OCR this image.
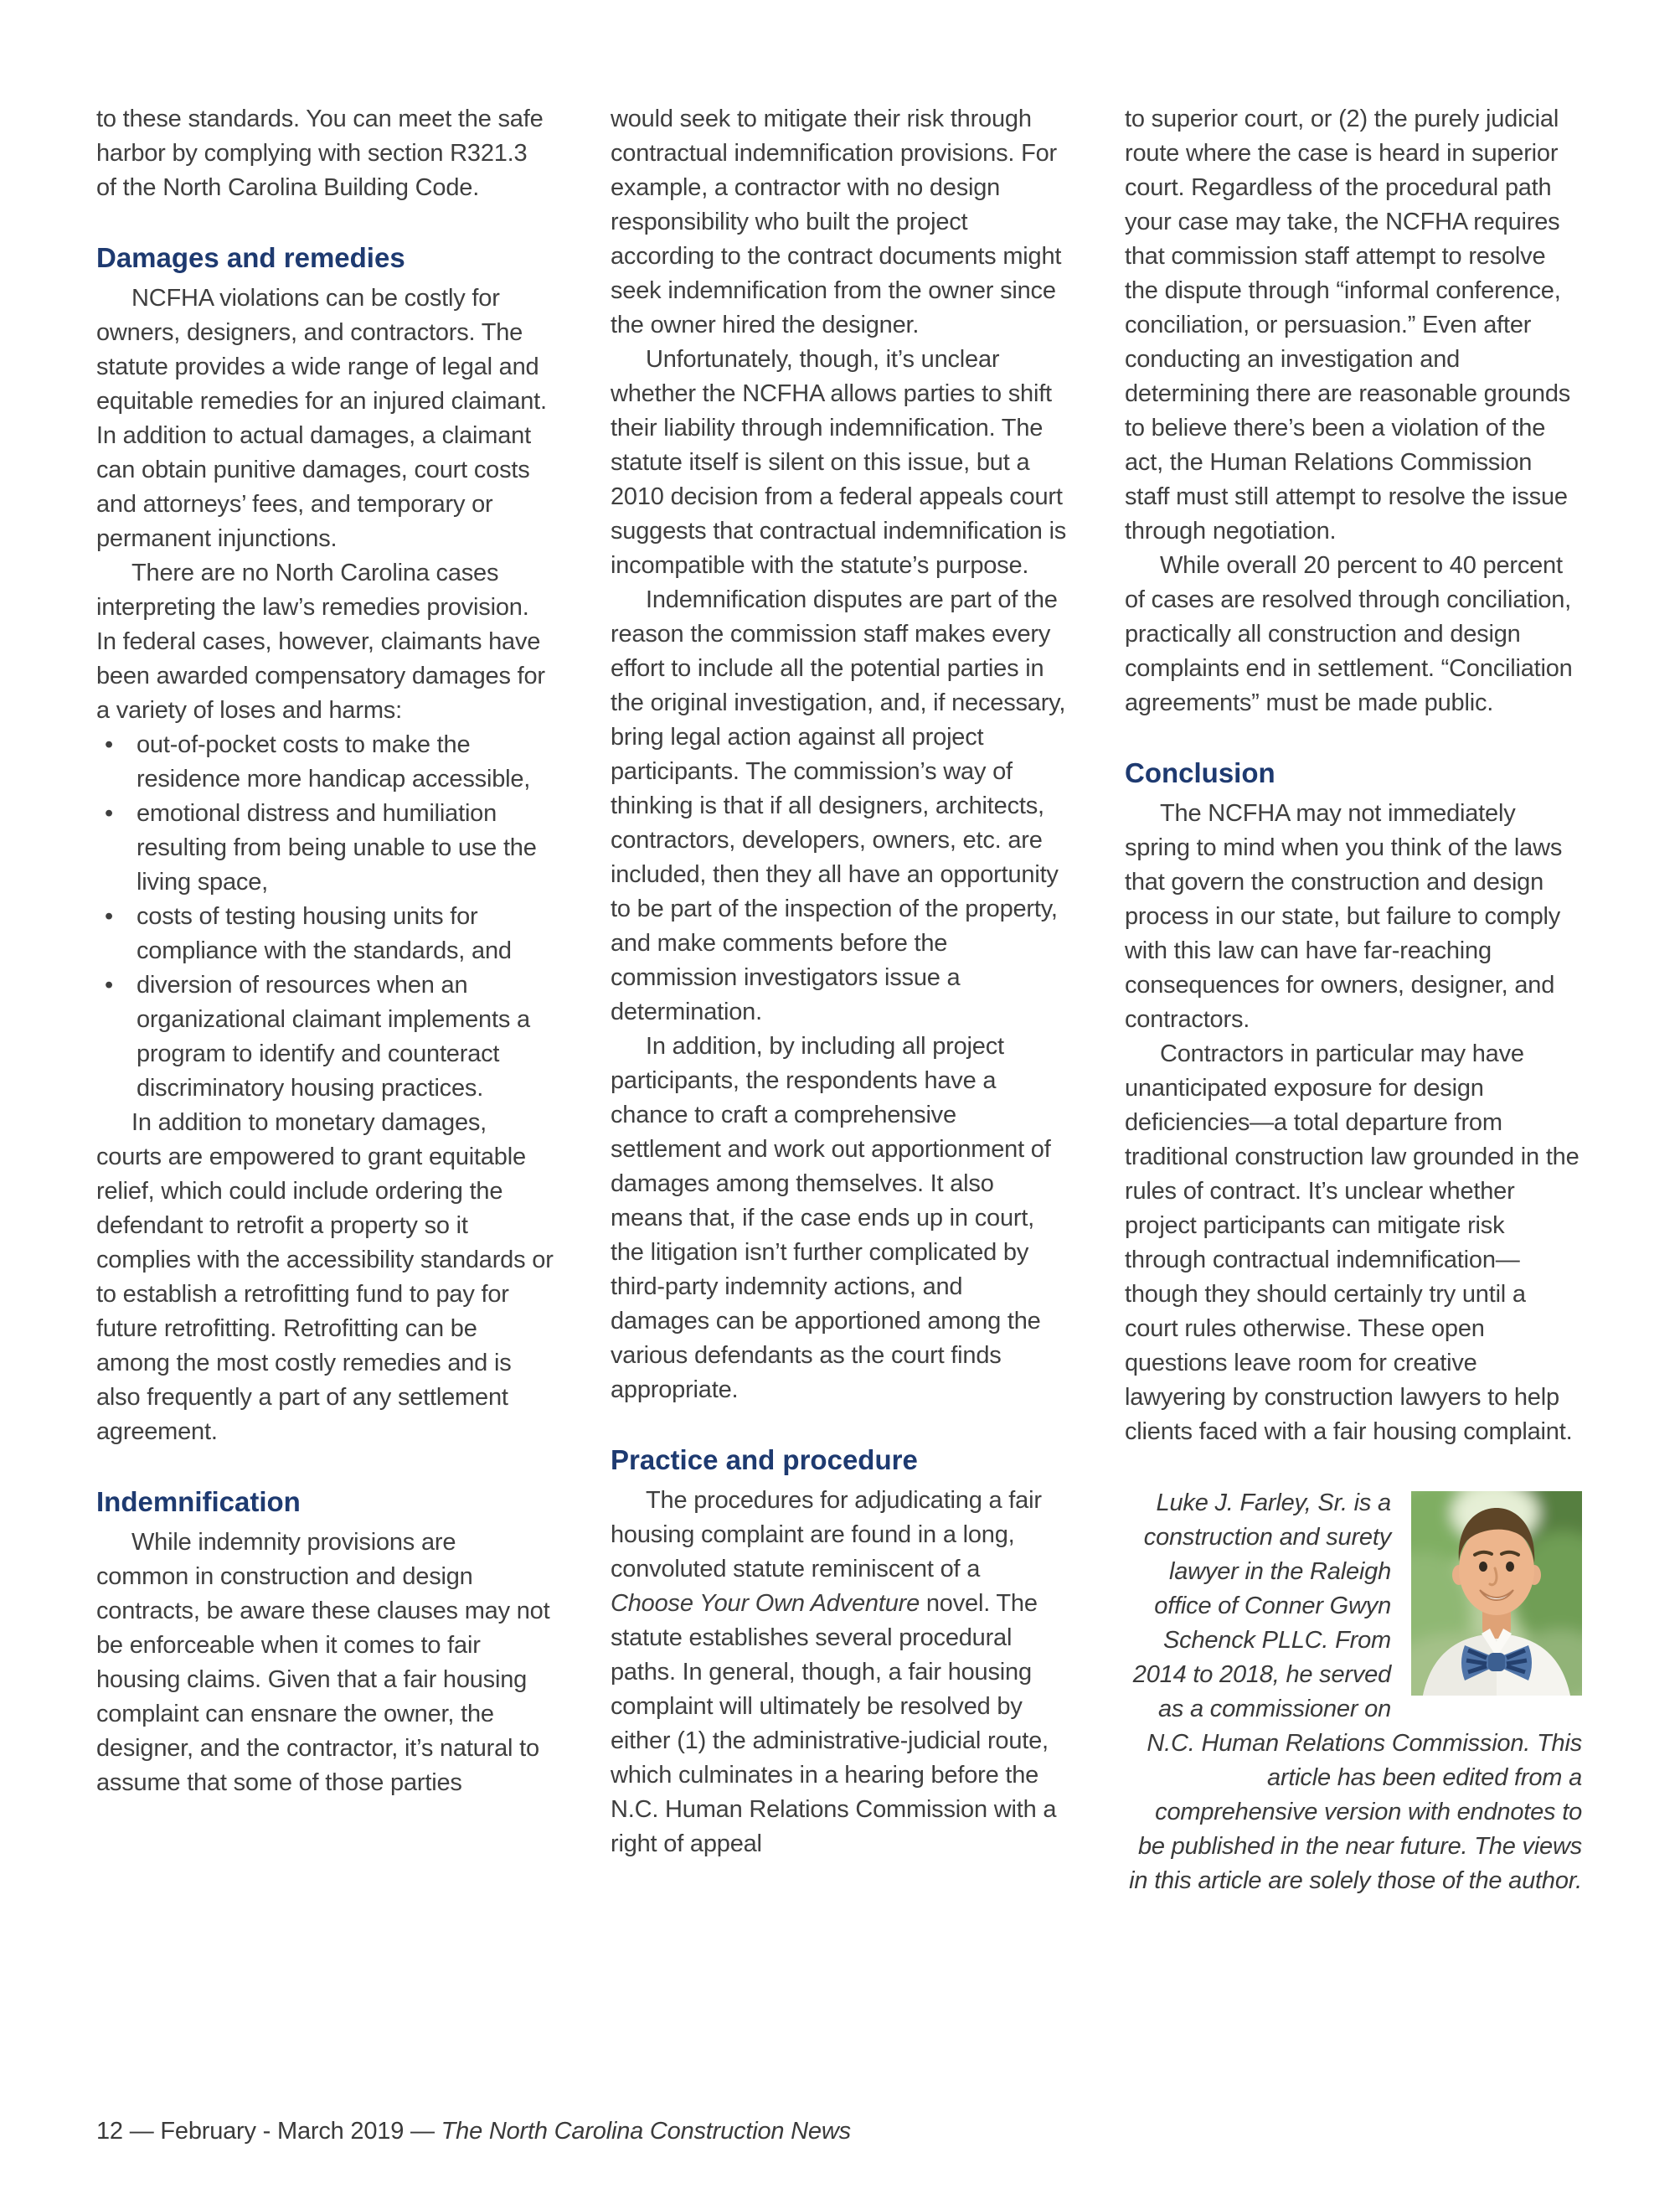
to these standards. You can meet the safe harbor by complying with section R321.3 of the North Carolina Building Code.

Damages and remedies

NCFHA violations can be costly for owners, designers, and contractors. The statute provides a wide range of legal and equitable remedies for an injured claimant. In addition to actual damages, a claimant can obtain punitive damages, court costs and attorneys’ fees, and temporary or permanent injunctions.

There are no North Carolina cases interpreting the law’s remedies provision. In federal cases, however, claimants have been awarded compensatory damages for a variety of loses and harms:

• out-of-pocket costs to make the residence more handicap accessible,
• emotional distress and humiliation resulting from being unable to use the living space,
• costs of testing housing units for compliance with the standards, and
• diversion of resources when an organizational claimant implements a program to identify and counteract discriminatory housing practices.

In addition to monetary damages, courts are empowered to grant equitable relief, which could include ordering the defendant to retrofit a property so it complies with the accessibility standards or to establish a retrofitting fund to pay for future retrofitting. Retrofitting can be among the most costly remedies and is also frequently a part of any settlement agreement.

Indemnification

While indemnity provisions are common in construction and design contracts, be aware these clauses may not be enforceable when it comes to fair housing claims. Given that a fair housing complaint can ensnare the owner, the designer, and the contractor, it’s natural to assume that some of those parties

would seek to mitigate their risk through contractual indemnification provisions. For example, a contractor with no design responsibility who built the project according to the contract documents might seek indemnification from the owner since the owner hired the designer.

Unfortunately, though, it’s unclear whether the NCFHA allows parties to shift their liability through indemnification. The statute itself is silent on this issue, but a 2010 decision from a federal appeals court suggests that contractual indemnification is incompatible with the statute’s purpose.

Indemnification disputes are part of the reason the commission staff makes every effort to include all the potential parties in the original investigation, and, if necessary, bring legal action against all project participants. The commission’s way of thinking is that if all designers, architects, contractors, developers, owners, etc. are included, then they all have an opportunity to be part of the inspection of the property, and make comments before the commission investigators issue a determination.

In addition, by including all project participants, the respondents have a chance to craft a comprehensive settlement and work out apportionment of damages among themselves. It also means that, if the case ends up in court, the litigation isn’t further complicated by third-party indemnity actions, and damages can be apportioned among the various defendants as the court finds appropriate.

Practice and procedure

The procedures for adjudicating a fair housing complaint are found in a long, convoluted statute reminiscent of a Choose Your Own Adventure novel. The statute establishes several procedural paths. In general, though, a fair housing complaint will ultimately be resolved by either (1) the administrative-judicial route, which culminates in a hearing before the N.C. Human Relations Commission with a right of appeal

to superior court, or (2) the purely judicial route where the case is heard in superior court. Regardless of the procedural path your case may take, the NCFHA requires that commission staff attempt to resolve the dispute through “informal conference, conciliation, or persuasion.” Even after conducting an investigation and determining there are reasonable grounds to believe there’s been a violation of the act, the Human Relations Commission staff must still attempt to resolve the issue through negotiation.

While overall 20 percent to 40 percent of cases are resolved through conciliation, practically all construction and design complaints end in settlement. “Conciliation agreements” must be made public.

Conclusion

The NCFHA may not immediately spring to mind when you think of the laws that govern the construction and design process in our state, but failure to comply with this law can have far-reaching consequences for owners, designer, and contractors.

Contractors in particular may have unanticipated exposure for design deficiencies—a total departure from traditional construction law grounded in the rules of contract. It’s unclear whether project participants can mitigate risk through contractual indemnification—though they should certainly try until a court rules otherwise. These open questions leave room for creative lawyering by construction lawyers to help clients faced with a fair housing complaint.

Luke J. Farley, Sr. is a construction and surety lawyer in the Raleigh office of Conner Gwyn Schenck PLLC. From 2014 to 2018, he served as a commissioner on N.C. Human Relations Commission. This article has been edited from a comprehensive version with endnotes to be published in the near future. The views in this article are solely those of the author.

12 — February - March 2019 — The North Carolina Construction News
